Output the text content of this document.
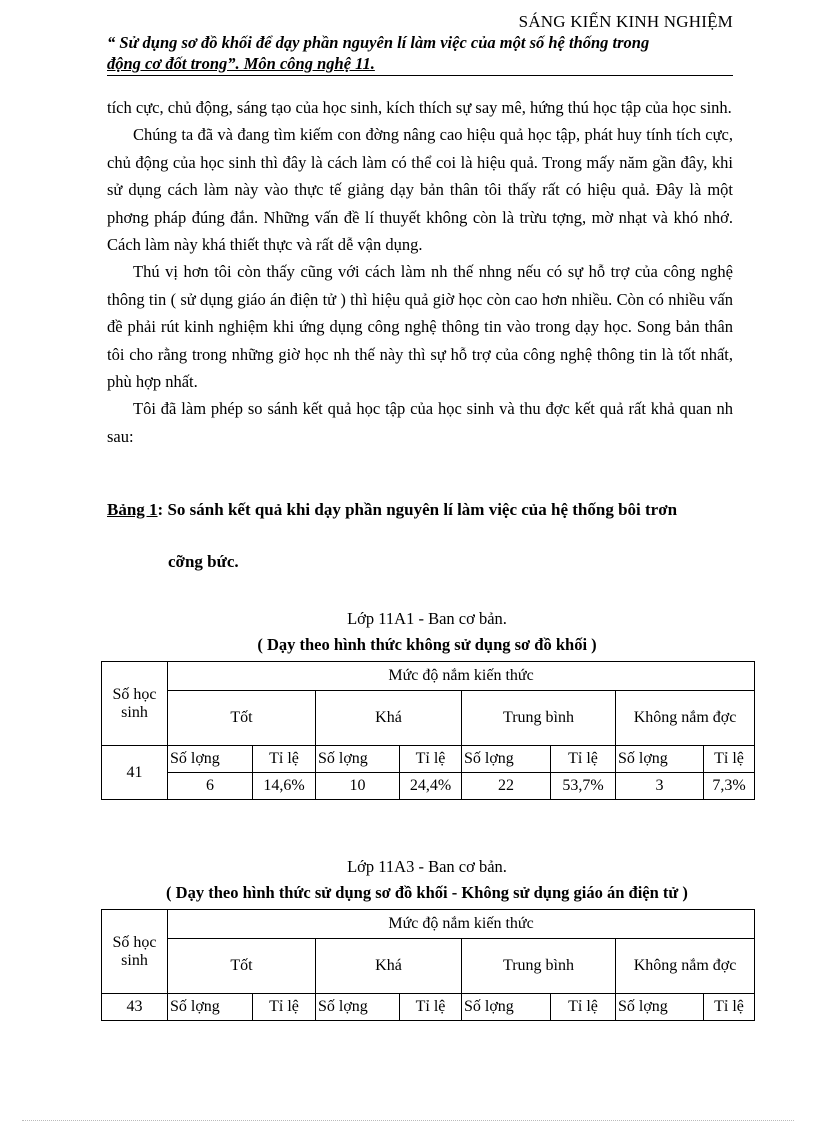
SÁNG KIẾN KINH NGHIỆM
“ Sử dụng sơ đồ khối để dạy phần nguyên lí làm việc của một số hệ thống trong
động cơ đốt trong”. Môn công nghệ 11.

tích cực, chủ động, sáng tạo của học sinh, kích thích sự say mê, hứng thú học tập của học sinh.

Chúng ta đã và đang tìm kiếm con đờng nâng cao hiệu quả học tập, phát huy tính tích cực, chủ động của học sinh thì đây là cách làm có thể coi là hiệu quả. Trong mấy năm gần đây, khi sử dụng cách làm này vào thực tế giảng dạy bản thân tôi thấy rất có hiệu quả. Đây là một phơng pháp đúng đắn. Những vấn đề lí thuyết không còn là trừu tợng, mờ nhạt và khó nhớ. Cách làm này khá thiết thực và rất dễ vận dụng.

Thú vị hơn tôi còn thấy cũng với cách làm nh thế nhng nếu có sự hỗ trợ của công nghệ thông tin ( sử dụng giáo án điện tử ) thì hiệu quả giờ học còn cao hơn nhiều. Còn có nhiều vấn đề phải rút kinh nghiệm khi ứng dụng công nghệ thông tin vào trong dạy học. Song bản thân tôi cho rằng trong những giờ học nh thế này thì sự hỗ trợ của công nghệ thông tin là tốt nhất, phù hợp nhất.

Tôi đã làm phép so sánh kết quả học tập của học sinh và thu đợc kết quả rất khả quan nh sau:

Bảng 1: So sánh kết quả khi dạy phần nguyên lí làm việc của hệ thống bôi trơn
cỡng bức.
Lớp 11A1 - Ban cơ bản.
( Dạy theo hình thức không sử dụng sơ đồ khối )
Số học sinh	Mức độ nắm kiến thức							
	Tốt		Khá		Trung bình		Không nắm đợc	
41	Số lợng	Tỉ lệ	Số lợng	Tỉ lệ	Số lợng	Tỉ lệ	Số lợng	Tỉ lệ
	6	14,6%	10	24,4%	22	53,7%	3	7,3%
Lớp 11A3 - Ban cơ bản.
( Dạy theo hình thức sử dụng sơ đồ khối - Không sử dụng giáo án điện tử )
Số học sinh	Mức độ nắm kiến thức							
	Tốt		Khá		Trung bình		Không nắm đợc	
43	Số lợng	Tỉ lệ	Số lợng	Tỉ lệ	Số lợng	Tỉ lệ	Số lợng	Tỉ lệ
